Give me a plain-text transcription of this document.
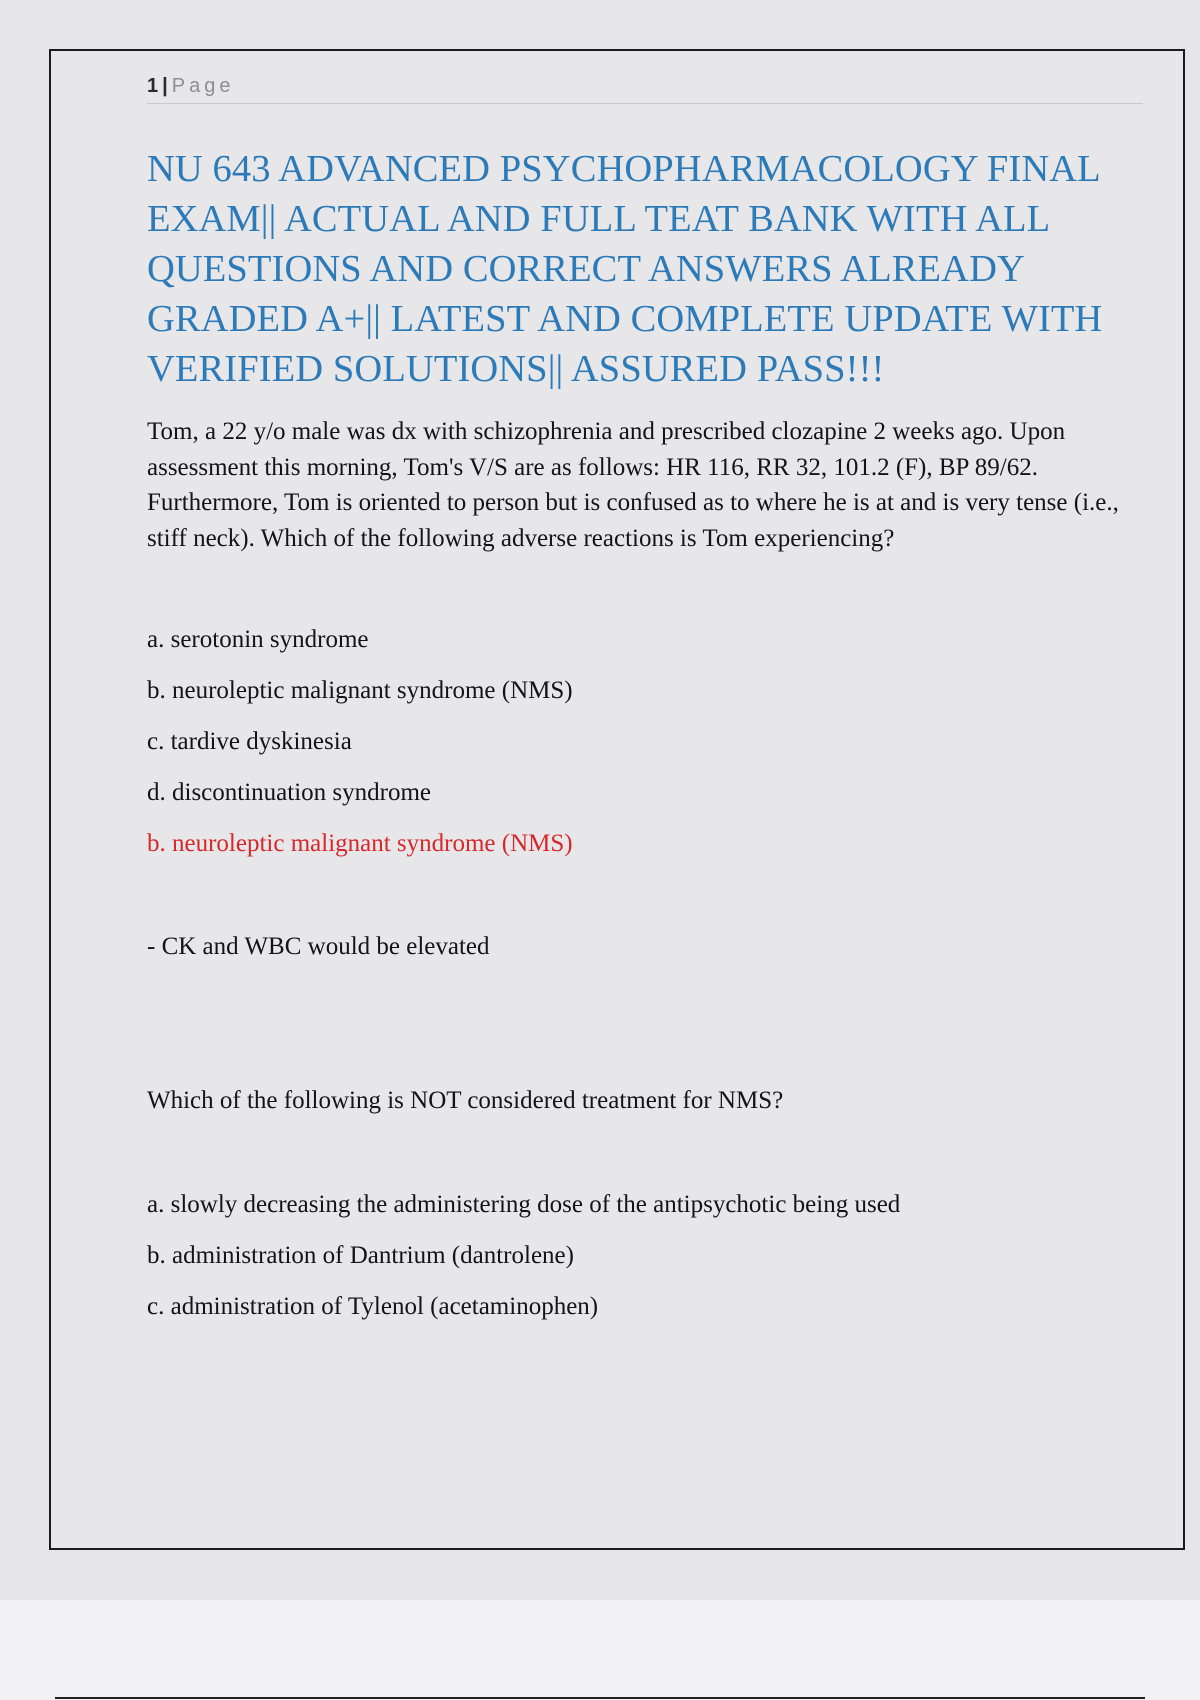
1 | Page
NU 643 ADVANCED PSYCHOPHARMACOLOGY FINAL EXAM|| ACTUAL AND FULL TEAT BANK WITH ALL QUESTIONS AND CORRECT ANSWERS ALREADY GRADED A+|| LATEST AND COMPLETE UPDATE WITH VERIFIED SOLUTIONS|| ASSURED PASS!!!

Tom, a 22 y/o male was dx with schizophrenia and prescribed clozapine 2 weeks ago. Upon assessment this morning, Tom's V/S are as follows: HR 116, RR 32, 101.2 (F), BP 89/62. Furthermore, Tom is oriented to person but is confused as to where he is at and is very tense (i.e., stiff neck). Which of the following adverse reactions is Tom experiencing?

a. serotonin syndrome
b. neuroleptic malignant syndrome (NMS)
c. tardive dyskinesia
d. discontinuation syndrome

b. neuroleptic malignant syndrome (NMS)

- CK and WBC would be elevated

Which of the following is NOT considered treatment for NMS?

a. slowly decreasing the administering dose of the antipsychotic being used
b. administration of Dantrium (dantrolene)
c. administration of Tylenol (acetaminophen)
